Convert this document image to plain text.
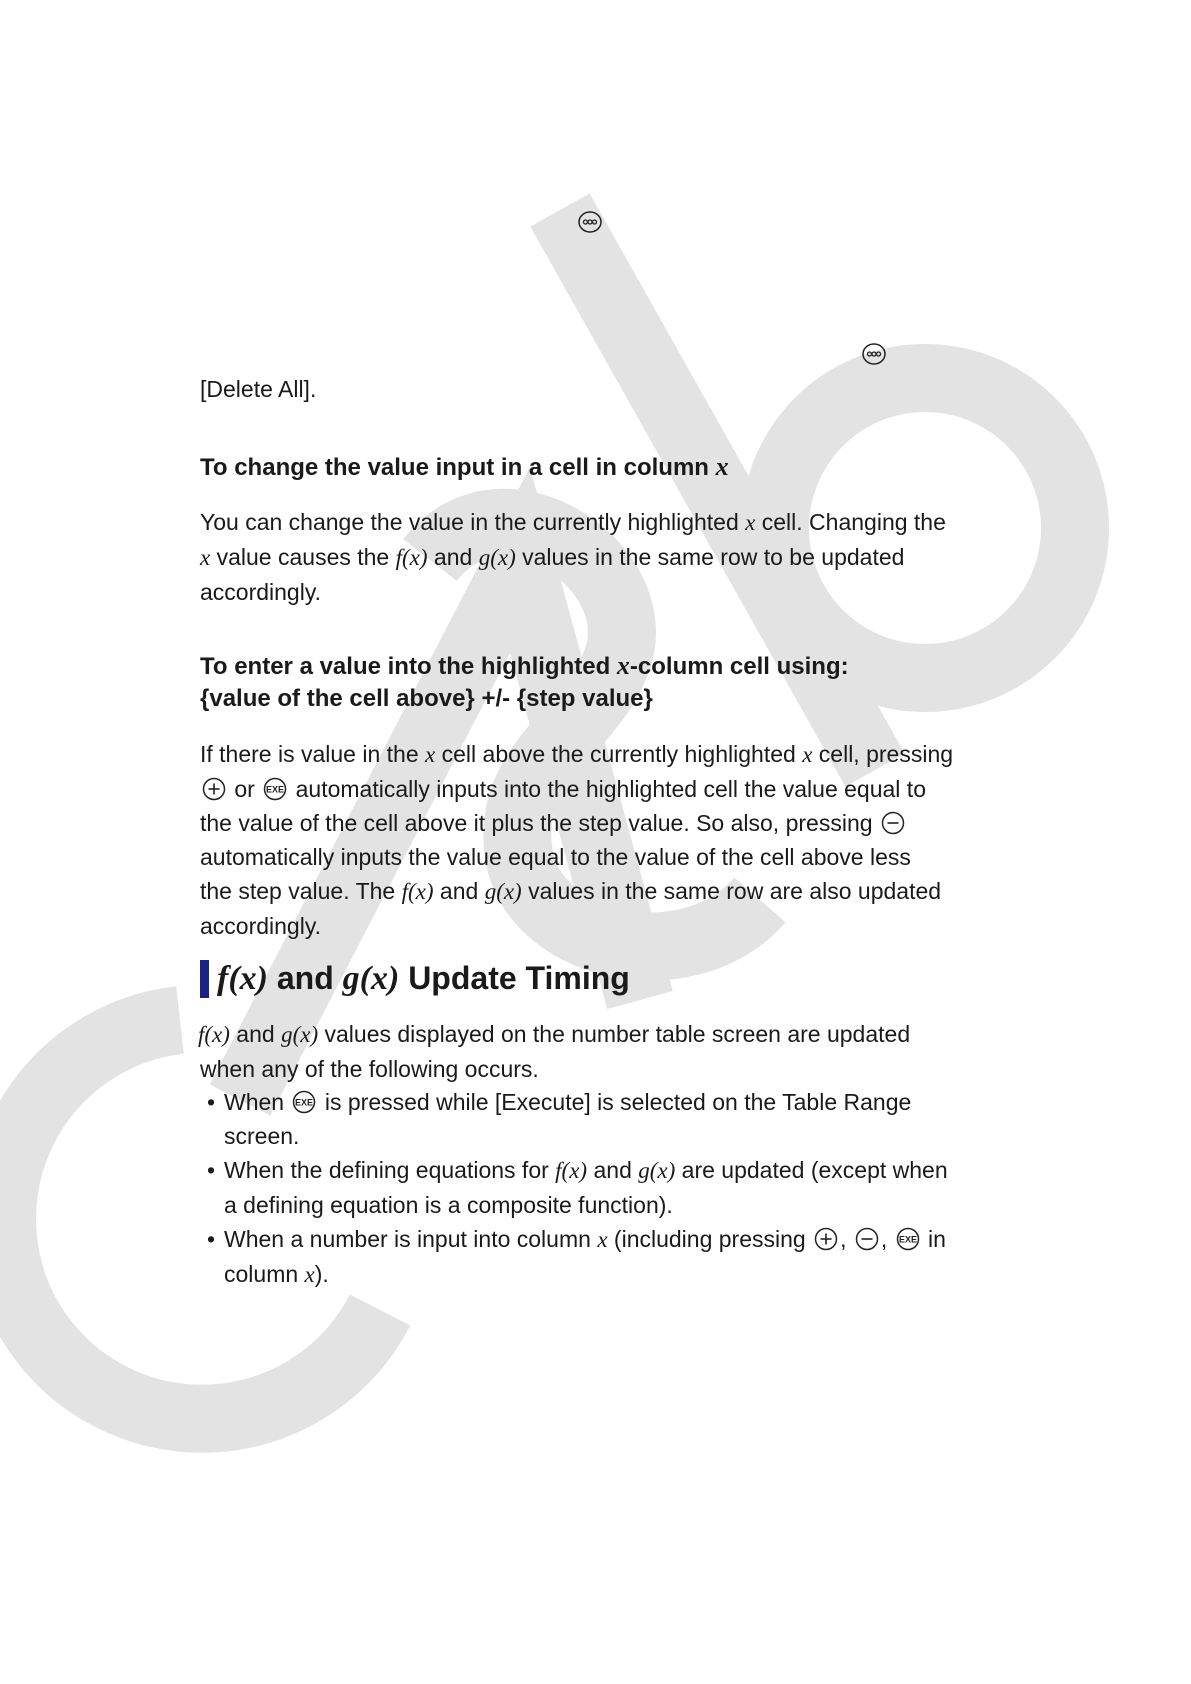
[Delete All].
To change the value input in a cell in column x
You can change the value in the currently highlighted x cell. Changing the
x value causes the f(x) and g(x) values in the same row to be updated
accordingly.
To enter a value into the highlighted x-column cell using:
{value of the cell above} +/- {step value}
If there is value in the x cell above the currently highlighted x cell, pressing
or EXE automatically inputs into the highlighted cell the value equal to
the value of the cell above it plus the step value. So also, pressing
automatically inputs the value equal to the value of the cell above less
the step value. The f(x) and g(x) values in the same row are also updated
accordingly.
f(x) and g(x) Update Timing
f(x) and g(x) values displayed on the number table screen are updated
when any of the following occurs.
• When EXE is pressed while [Execute] is selected on the Table Range
screen.
• When the defining equations for f(x) and g(x) are updated (except when
a defining equation is a composite function).
• When a number is input into column x (including pressing
,
, EXE in
column x).
